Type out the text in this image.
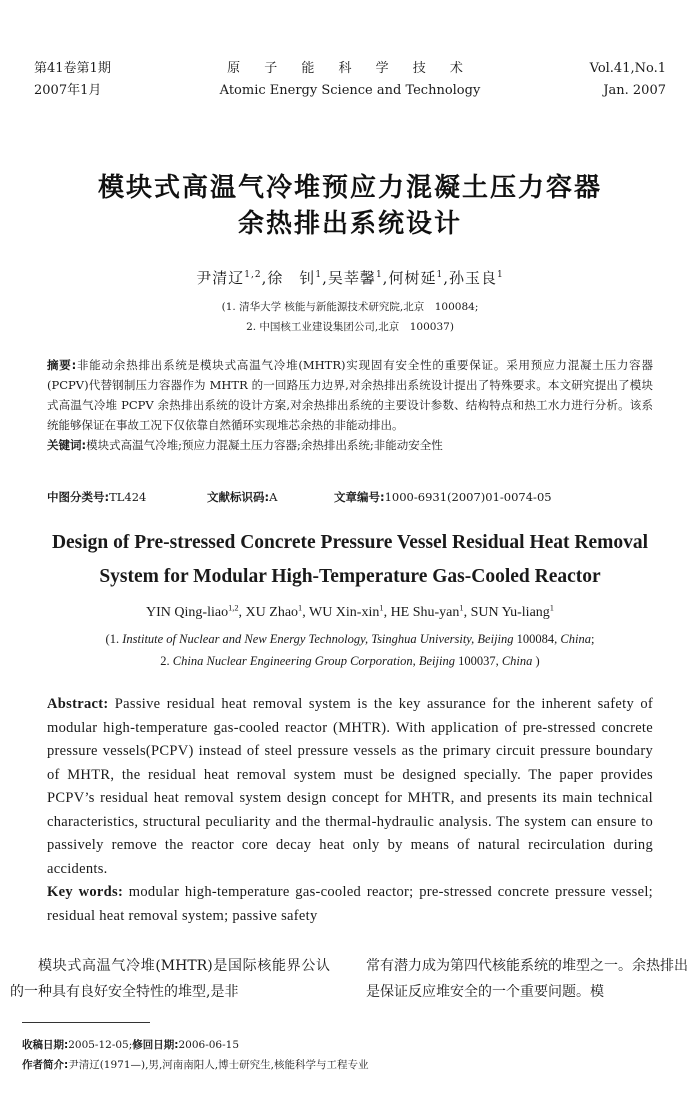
第41卷第1期
2007年1月
原 子 能 科 学 技 术
Atomic Energy Science and Technology
Vol.41,No.1
Jan. 2007
模块式高温气冷堆预应力混凝土压力容器
余热排出系统设计
尹清辽$^{1,2}$,徐　钊$^1$,吴莘馨$^1$,何树延$^1$,孙玉良$^1$
(1. 清华大学 核能与新能源技术研究院,北京　100084;
2. 中国核工业建设集团公司,北京　100037)
摘要:非能动余热排出系统是模块式高温气冷堆(MHTR)实现固有安全性的重要保证。采用预应力混凝土压力容器(PCPV)代替钢制压力容器作为 MHTR 的一回路压力边界,对余热排出系统设计提出了特殊要求。本文研究提出了模块式高温气冷堆 PCPV 余热排出系统的设计方案,对余热排出系统的主要设计参数、结构特点和热工水力进行分析。该系统能够保证在事故工况下仅依靠自然循环实现堆芯余热的非能动排出。
关键词:模块式高温气冷堆;预应力混凝土压力容器;余热排出系统;非能动安全性
中图分类号:TL424	文献标识码:A	文章编号:1000-6931(2007)01-0074-05
Design of Pre-stressed Concrete Pressure Vessel Residual Heat Removal
System for Modular High-Temperature Gas-Cooled Reactor
YIN Qing-liao$^{1,2}$, XU Zhao$^1$, WU Xin-xin$^1$, HE Shu-yan$^1$, SUN Yu-liang$^1$
(1. Institute of Nuclear and New Energy Technology, Tsinghua University, Beijing 100084, China;
2. China Nuclear Engineering Group Corporation, Beijing 100037, China )
Abstract: Passive residual heat removal system is the key assurance for the inherent safety of modular high-temperature gas-cooled reactor (MHTR). With application of pre-stressed concrete pressure vessels(PCPV) instead of steel pressure vessels as the primary circuit pressure boundary of MHTR, the residual heat removal system must be designed specially. The paper provides PCPV’s residual heat removal system design concept for MHTR, and presents its main technical characteristics, structural peculiarity and the thermal-hydraulic analysis. The system can ensure to passively remove the reactor core decay heat only by means of natural recirculation during accidents.
Key words: modular high-temperature gas-cooled reactor; pre-stressed concrete pressure vessel; residual heat removal system; passive safety
模块式高温气冷堆(MHTR)是国际核能界公认的一种具有良好安全特性的堆型,是非
常有潜力成为第四代核能系统的堆型之一。余热排出是保证反应堆安全的一个重要问题。模
收稿日期:2005-12-05;修回日期:2006-06-15
作者简介:尹清辽(1971—),男,河南南阳人,博士研究生,核能科学与工程专业
